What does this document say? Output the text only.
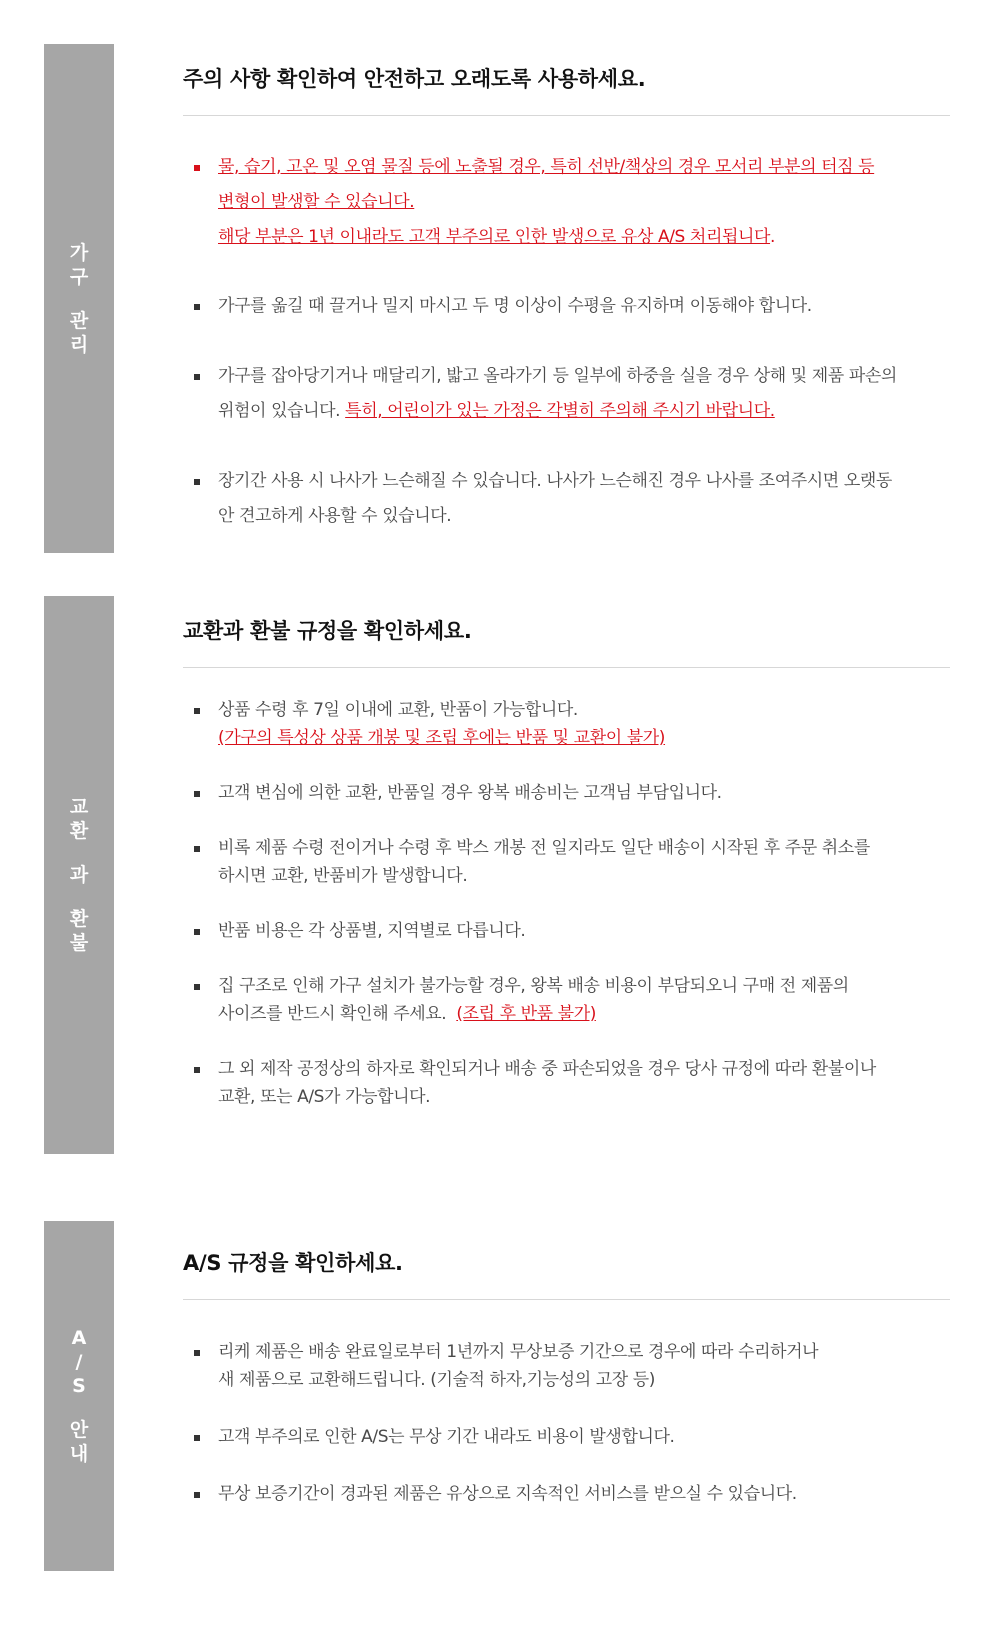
가
구
관
리
주의 사항 확인하여 안전하고 오래도록 사용하세요.
물, 습기, 고온 및 오염 물질 등에 노출될 경우, 특히 선반/책상의 경우 모서리 부분의 터짐 등
변형이 발생할 수 있습니다.
해당 부분은 1년 이내라도 고객 부주의로 인한 발생으로 유상 A/S 처리됩니다.
가구를 옮길 때 끌거나 밀지 마시고 두 명 이상이 수평을 유지하며 이동해야 합니다.
가구를 잡아당기거나 매달리기, 밟고 올라가기 등 일부에 하중을 실을 경우 상해 및 제품 파손의
위험이 있습니다. 특히, 어린이가 있는 가정은 각별히 주의해 주시기 바랍니다.
장기간 사용 시 나사가 느슨해질 수 있습니다. 나사가 느슨해진 경우 나사를 조여주시면 오랫동
안 견고하게 사용할 수 있습니다.
교
환
과
환
불
교환과 환불 규정을 확인하세요.
상품 수령 후 7일 이내에 교환, 반품이 가능합니다.
(가구의 특성상 상품 개봉 및 조립 후에는 반품 및 교환이 불가)
고객 변심에 의한 교환, 반품일 경우 왕복 배송비는 고객님 부담입니다.
비록 제품 수령 전이거나 수령 후 박스 개봉 전 일지라도 일단 배송이 시작된 후 주문 취소를
하시면 교환, 반품비가 발생합니다.
반품 비용은 각 상품별, 지역별로 다릅니다.
집 구조로 인해 가구 설치가 불가능할 경우, 왕복 배송 비용이 부담되오니 구매 전 제품의
사이즈를 반드시 확인해 주세요.  (조립 후 반품 불가)
그 외 제작 공정상의 하자로 확인되거나 배송 중 파손되었을 경우 당사 규정에 따라 환불이나
교환, 또는 A/S가 가능합니다.
A
/
S
안
내
A/S 규정을 확인하세요.
리케 제품은 배송 완료일로부터 1년까지 무상보증 기간으로 경우에 따라 수리하거나
새 제품으로 교환해드립니다. (기술적 하자,기능성의 고장 등)
고객 부주의로 인한 A/S는 무상 기간 내라도 비용이 발생합니다.
무상 보증기간이 경과된 제품은 유상으로 지속적인 서비스를 받으실 수 있습니다.
